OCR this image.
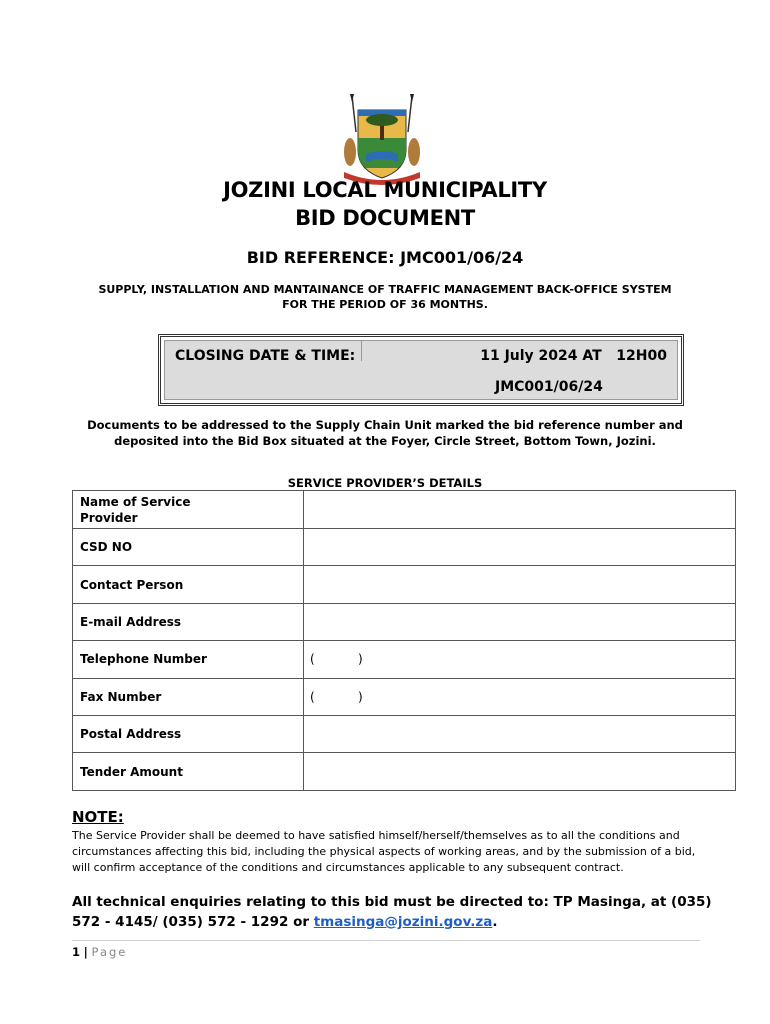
JOZINI LOCAL MUNICIPALITY
BID DOCUMENT
BID REFERENCE: JMC001/06/24
SUPPLY, INSTALLATION AND MANTAINANCE OF TRAFFIC MANAGEMENT BACK-OFFICE SYSTEM
FOR THE PERIOD OF 36 MONTHS.
CLOSING DATE & TIME:	11 July 2024 AT   12H00
JMC001/06/24
Documents to be addressed to the Supply Chain Unit marked the bid reference number and
deposited into the Bid Box situated at the Foyer, Circle Street, Bottom Town, Jozini.
SERVICE PROVIDER’S DETAILS
Name of Service
Provider	

CSD NO	
Contact Person	
E-mail Address	
Telephone Number	( )
Fax Number	( )
Postal Address	
Tender Amount	
NOTE:
The Service Provider shall be deemed to have satisfied himself/herself/themselves as to all the conditions and circumstances affecting this bid, including the physical aspects of working areas, and by the submission of a bid, will confirm acceptance of the conditions and circumstances applicable to any subsequent contract.
All technical enquiries relating to this bid must be directed to: TP Masinga, at (035) 572 - 4145/ (035) 572 - 1292 or tmasinga@jozini.gov.za.
1 | Page
